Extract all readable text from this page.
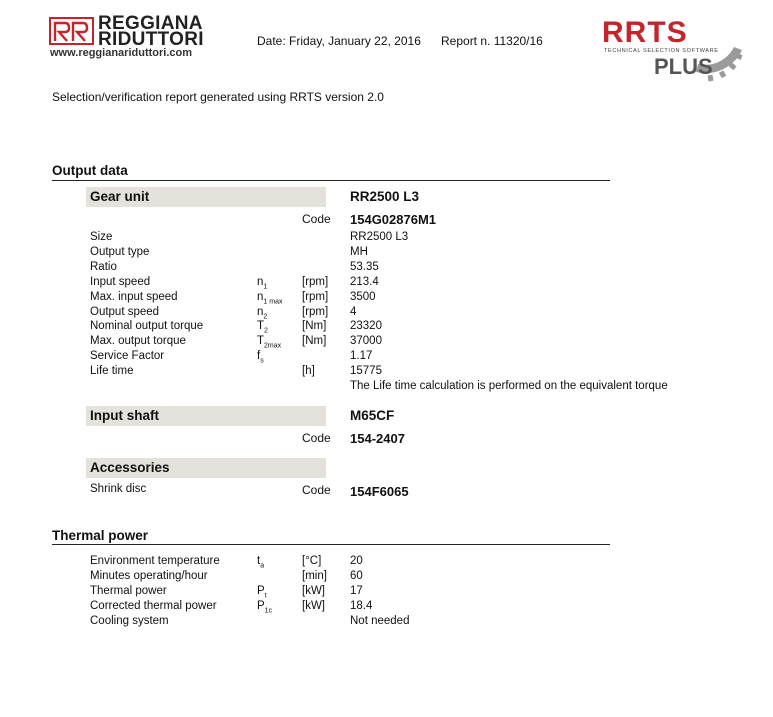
REGGIANA
RIDUTTORI
www.reggianariduttori.com
Date: Friday, January 22, 2016 Report n. 11320/16 RRTS
TECHNICAL SELECTION SOFTWARE
PLUS
Selection/verification report generated using RRTS version 2.0
Output data
Gear unit	RR2500 L3
Code 154G02876M1
Size	RR2500 L3
Output type	MH
Ratio	53.35
Input speed	$n_1$	[rpm] 213.4
Max. input speed	$n_{1 max}$ [rpm] 3500
Output speed	$n_2$	[rpm] 4
Nominal output torque	$T_2$	[Nm] 23320
Max. output torque	$T_{2max}$ [Nm] 37000
Service Factor	$f_s$	1.17
Life time	[h]	15775
The Life time calculation is performed on the equivalent torque
Input shaft	M65CF
Code 154-2407
Accessories
Shrink disc	Code 154F6065
Thermal power
Environment temperature	$t_a$	[°C] 20
Minutes operating/hour	[min] 60
Thermal power	$P_t$	[kW] 17
Corrected thermal power	$P_{1c}$	[kW] 18.4
Cooling system	Not needed
